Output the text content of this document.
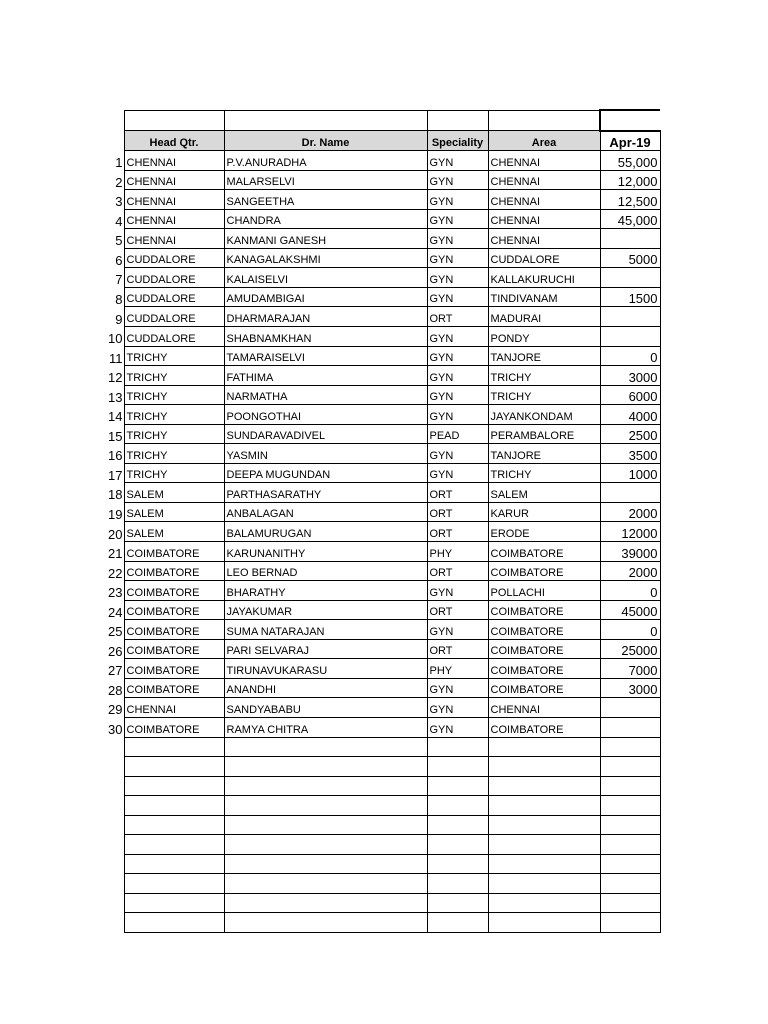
	Head Qtr.	Dr. Name	Speciality	Area	Apr-19
1	CHENNAI	P.V.ANURADHA	GYN	CHENNAI	55,000
2	CHENNAI	MALARSELVI	GYN	CHENNAI	12,000
3	CHENNAI	SANGEETHA	GYN	CHENNAI	12,500
4	CHENNAI	CHANDRA	GYN	CHENNAI	45,000
5	CHENNAI	KANMANI GANESH	GYN	CHENNAI	
6	CUDDALORE	KANAGALAKSHMI	GYN	CUDDALORE	5000
7	CUDDALORE	KALAISELVI	GYN	KALLAKURUCHI	
8	CUDDALORE	AMUDAMBIGAI	GYN	TINDIVANAM	1500
9	CUDDALORE	DHARMARAJAN	ORT	MADURAI	
10	CUDDALORE	SHABNAMKHAN	GYN	PONDY	
11	TRICHY	TAMARAISELVI	GYN	TANJORE	0
12	TRICHY	FATHIMA	GYN	TRICHY	3000
13	TRICHY	NARMATHA	GYN	TRICHY	6000
14	TRICHY	POONGOTHAI	GYN	JAYANKONDAM	4000
15	TRICHY	SUNDARAVADIVEL	PEAD	PERAMBALORE	2500
16	TRICHY	YASMIN	GYN	TANJORE	3500
17	TRICHY	DEEPA MUGUNDAN	GYN	TRICHY	1000
18	SALEM	PARTHASARATHY	ORT	SALEM	
19	SALEM	ANBALAGAN	ORT	KARUR	2000
20	SALEM	BALAMURUGAN	ORT	ERODE	12000
21	COIMBATORE	KARUNANITHY	PHY	COIMBATORE	39000
22	COIMBATORE	LEO BERNAD	ORT	COIMBATORE	2000
23	COIMBATORE	BHARATHY	GYN	POLLACHI	0
24	COIMBATORE	JAYAKUMAR	ORT	COIMBATORE	45000
25	COIMBATORE	SUMA NATARAJAN	GYN	COIMBATORE	0
26	COIMBATORE	PARI SELVARAJ	ORT	COIMBATORE	25000
27	COIMBATORE	TIRUNAVUKARASU	PHY	COIMBATORE	7000
28	COIMBATORE	ANANDHI	GYN	COIMBATORE	3000
29	CHENNAI	SANDYABABU	GYN	CHENNAI	
30	COIMBATORE	RAMYA CHITRA	GYN	COIMBATORE	
